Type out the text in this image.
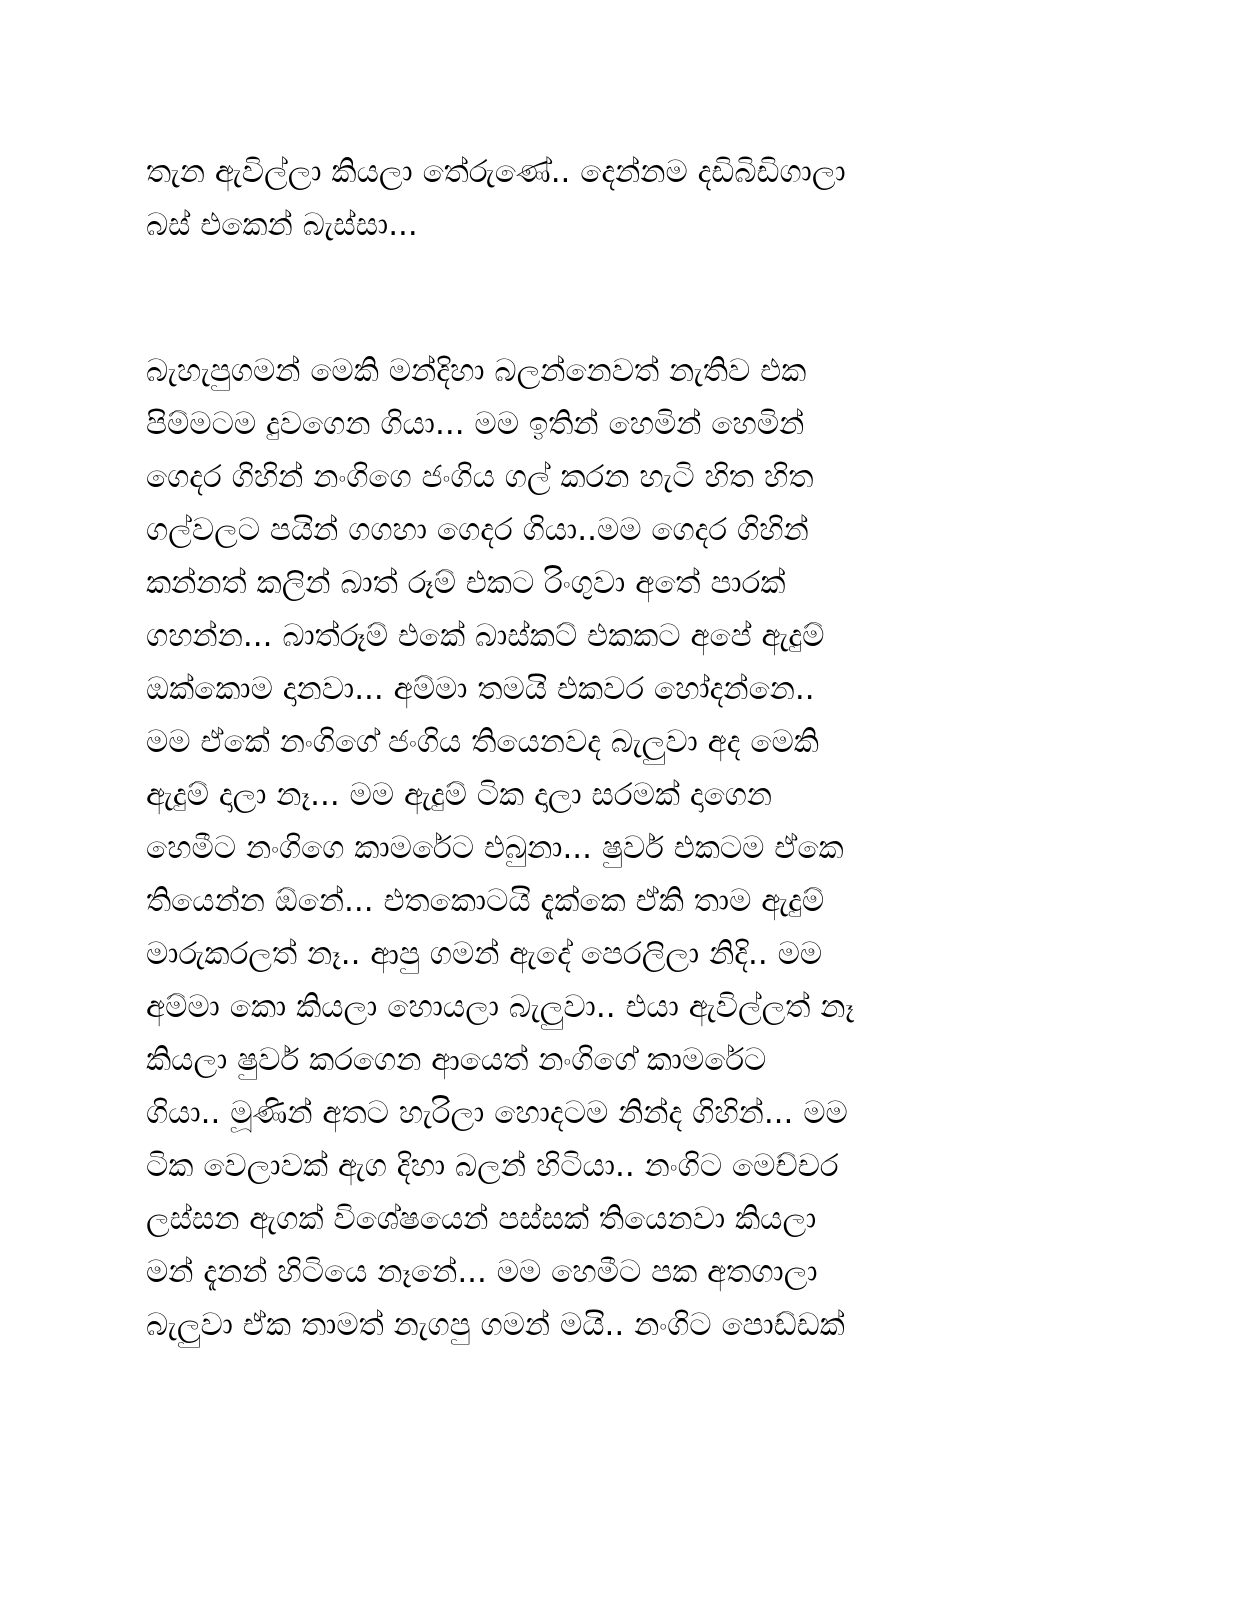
තැන ඇවිල්ලා කියලා තේරුණේ.. දෙන්නම දඩිබිඩිගාලා
බස් එකෙන් බැස්සා...
බැහැපුගමන් මෙකි මන්දිහා බලන්නෙවත් නැතිව එක
පිම්මටම දුවගෙන ගියා... මම ඉතින් හෙමින් හෙමින්
ගෙදර ගිහින් නංගිගෙ ජංගිය ගල් කරන හැටි හිත හිත
ගල්වලට පයින් ගගහා ගෙදර ගියා..මම ගෙදර ගිහින්
කන්නත් කලින් බාත් රූම් එකට රිංගුවා අතේ පාරක්
ගහන්න... බාත්රූම් එකේ බාස්කට් එකකට අපේ ඇදුම්
ඔක්කොම දානවා... අම්මා තමයි එකවර හෝදන්නෙ..
මම ඒකේ නංගිගේ ජංගිය තියෙනවද බැලුවා අද මෙකි
ඇදුම් දාලා නෑ... මම ඇදුම් ටික දාලා සරමක් දාගෙන
හෙමීට නංගිගෙ කාමරේට එබුනා... ෂුවර් එකටම ඒකෙ
තියෙන්න ඕනේ... එතකොටයි දැක්කෙ ඒකි තාම ඇදුම්
මාරුකරලත් නෑ.. ආපු ගමන් ඇදේ පෙරලිලා නිදි.. මම
අම්මා කො කියලා හොයලා බැලුවා.. එයා ඇවිල්ලත් නෑ
කියලා ෂුවර් කරගෙන ආයෙත් නංගිගේ කාමරේට
ගියා.. මූණින් අතට හැරිලා හොදටම නින්ද ගිහින්... මම
ටික වෙලාවක් ඇග දිහා බලන් හිටියා.. නංගිට මෙච්චර
ලස්සන ඇගක් විශේෂයෙන් පස්සක් තියෙනවා කියලා
මන් දැනන් හිටියෙ නෑනේ... මම හෙමීට පක අතගාලා
බැලුවා ඒක තාමත් නැගපු ගමන් මයි.. නංගිට පොඩ්ඩක්
